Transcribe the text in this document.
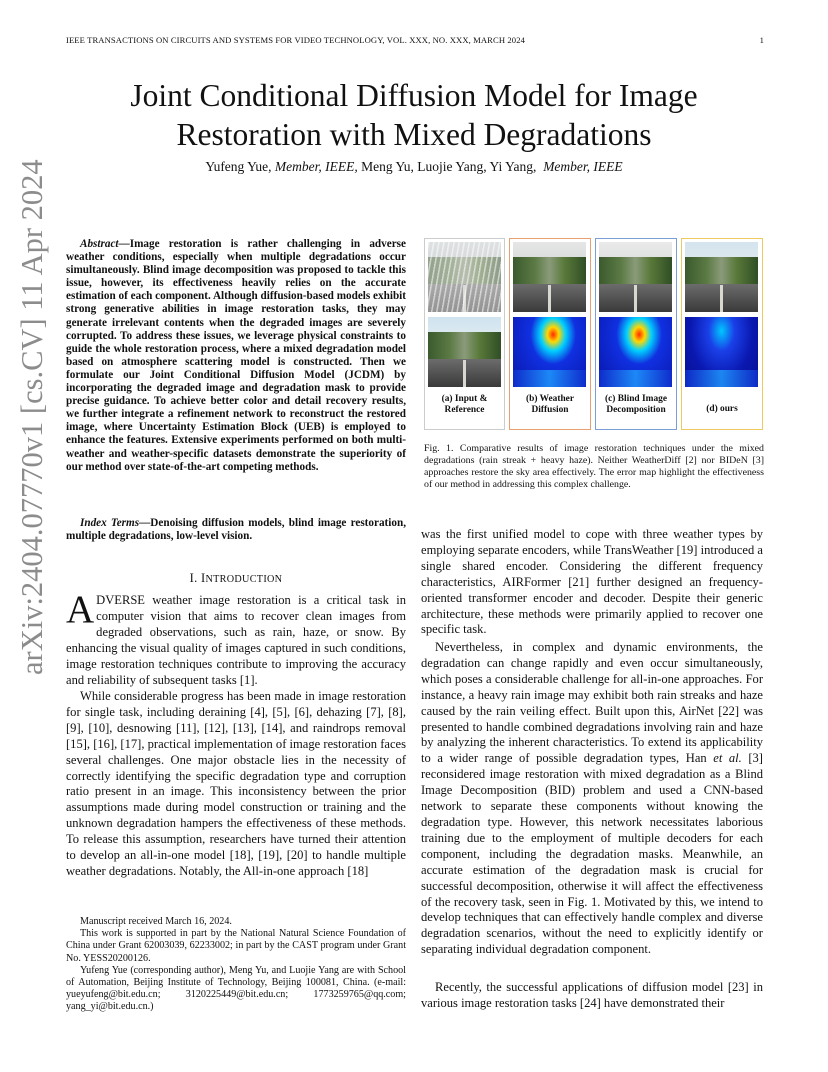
IEEE TRANSACTIONS ON CIRCUITS AND SYSTEMS FOR VIDEO TECHNOLOGY, VOL. XXX, NO. XXX, MARCH 2024	1
arXiv:2404.07770v1 [cs.CV] 11 Apr 2024
Joint Conditional Diffusion Model for Image
Restoration with Mixed Degradations
Yufeng Yue, Member, IEEE, Meng Yu, Luojie Yang, Yi Yang, Member, IEEE
Abstract—Image restoration is rather challenging in adverse weather conditions, especially when multiple degradations occur simultaneously. Blind image decomposition was proposed to tackle this issue, however, its effectiveness heavily relies on the accurate estimation of each component. Although diffusion-based models exhibit strong generative abilities in image restoration tasks, they may generate irrelevant contents when the degraded images are severely corrupted. To address these issues, we leverage physical constraints to guide the whole restoration process, where a mixed degradation model based on atmosphere scattering model is constructed. Then we formulate our Joint Conditional Diffusion Model (JCDM) by incorporating the degraded image and degradation mask to provide precise guidance. To achieve better color and detail recovery results, we further integrate a refinement network to reconstruct the restored image, where Uncertainty Estimation Block (UEB) is employed to enhance the features. Extensive experiments performed on both multi-weather and weather-specific datasets demonstrate the superiority of our method over state-of-the-art competing methods.
Index Terms—Denoising diffusion models, blind image restoration, multiple degradations, low-level vision.
I. INTRODUCTION
ADVERSE weather image restoration is a critical task in computer vision that aims to recover clean images from degraded observations, such as rain, haze, or snow. By enhancing the visual quality of images captured in such conditions, image restoration techniques contribute to improving the accuracy and reliability of subsequent tasks [1].
While considerable progress has been made in image restoration for single task, including deraining [4], [5], [6], dehazing [7], [8], [9], [10], desnowing [11], [12], [13], [14], and raindrops removal [15], [16], [17], practical implementation of image restoration faces several challenges. One major obstacle lies in the necessity of correctly identifying the specific degradation type and corruption ratio present in an image. This inconsistency between the prior assumptions made during model construction or training and the unknown degradation hampers the effectiveness of these methods. To release this assumption, researchers have turned their attention to develop an all-in-one model [18], [19], [20] to handle multiple weather degradations. Notably, the All-in-one approach [18]

Manuscript received March 16, 2024.

This work is supported in part by the National Natural Science Foundation of China under Grant 62003039, 62233002; in part by the CAST program under Grant No. YESS20200126.

Yufeng Yue (corresponding author), Meng Yu, and Luojie Yang are with School of Automation, Beijing Institute of Technology, Beijing 100081, China. (e-mail: yueyufeng@bit.edu.cn; 3120225449@bit.edu.cn; 1773259765@qq.com; yang_yi@bit.edu.cn.)

(a) Input & Reference
(b) Weather Diffusion
(c) Blind Image Decomposition	(d) ours
Fig. 1. Comparative results of image restoration techniques under the mixed degradations (rain streak + heavy haze). Neither WeatherDiff [2] nor BIDeN [3] approaches restore the sky area effectively. The error map highlight the effectiveness of our method in addressing this complex challenge.
was the first unified model to cope with three weather types by employing separate encoders, while TransWeather [19] introduced a single shared encoder. Considering the different frequency characteristics, AIRFormer [21] further designed an frequency-oriented transformer encoder and decoder. Despite their generic architecture, these methods were primarily applied to recover one specific task.
Nevertheless, in complex and dynamic environments, the degradation can change rapidly and even occur simultaneously, which poses a considerable challenge for all-in-one approaches. For instance, a heavy rain image may exhibit both rain streaks and haze caused by the rain veiling effect. Built upon this, AirNet [22] was presented to handle combined degradations involving rain and haze by analyzing the inherent characteristics. To extend its applicability to a wider range of possible degradation types, Han et al. [3] reconsidered image restoration with mixed degradation as a Blind Image Decomposition (BID) problem and used a CNN-based network to separate these components without knowing the degradation type. However, this network necessitates laborious training due to the employment of multiple decoders for each component, including the degradation masks. Meanwhile, an accurate estimation of the degradation mask is crucial for successful decomposition, otherwise it will affect the effectiveness of the recovery task, seen in Fig. 1. Motivated by this, we intend to develop techniques that can effectively handle complex and diverse degradation scenarios, without the need to explicitly identify or separating individual degradation component.
Recently, the successful applications of diffusion model [23] in various image restoration tasks [24] have demonstrated their
